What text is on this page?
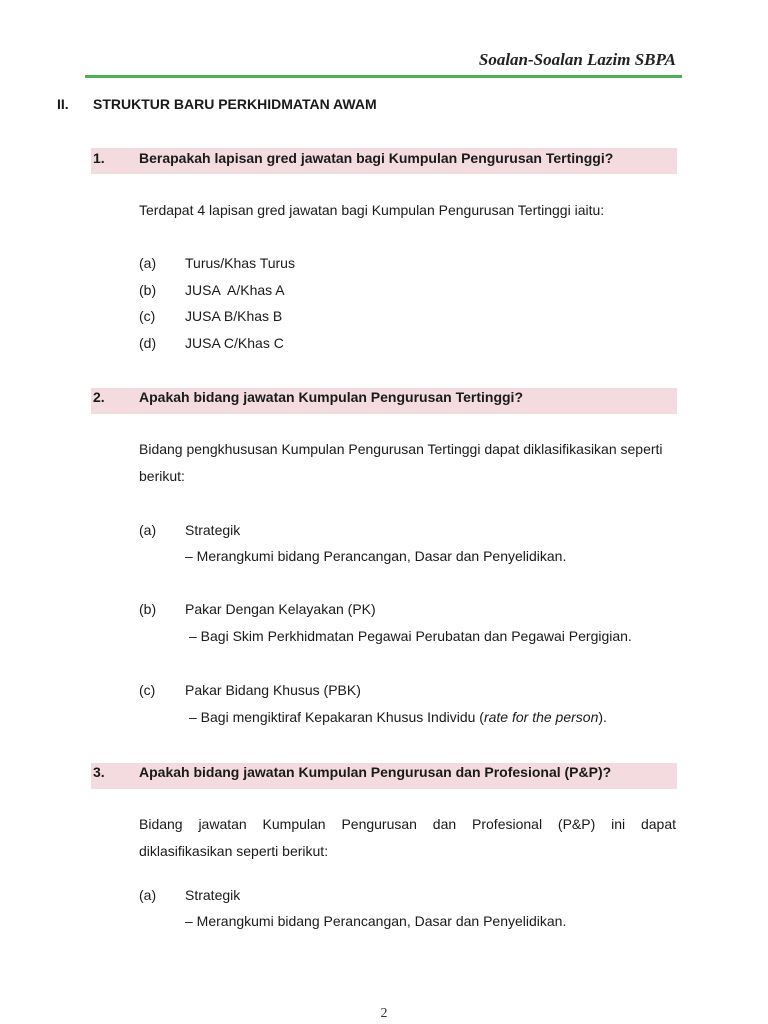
Soalan-Soalan Lazim SBPA
II. STRUKTUR BARU PERKHIDMATAN AWAM
1. Berapakah lapisan gred jawatan bagi Kumpulan Pengurusan Tertinggi?
Terdapat 4 lapisan gred jawatan bagi Kumpulan Pengurusan Tertinggi iaitu:
(a) Turus/Khas Turus
(b) JUSA  A/Khas A
(c) JUSA B/Khas B
(d) JUSA C/Khas C
2. Apakah bidang jawatan Kumpulan Pengurusan Tertinggi?
Bidang pengkhususan Kumpulan Pengurusan Tertinggi dapat diklasifikasikan seperti berikut:
(a) Strategik
– Merangkumi bidang Perancangan, Dasar dan Penyelidikan.
(b) Pakar Dengan Kelayakan (PK)
– Bagi Skim Perkhidmatan Pegawai Perubatan dan Pegawai Pergigian.
(c) Pakar Bidang Khusus (PBK)
– Bagi mengiktiraf Kepakaran Khusus Individu (rate for the person).
3. Apakah bidang jawatan Kumpulan Pengurusan dan Profesional (P&P)?
Bidang jawatan Kumpulan Pengurusan dan Profesional (P&P) ini dapat diklasifikasikan seperti berikut:
(a) Strategik
– Merangkumi bidang Perancangan, Dasar dan Penyelidikan.
2
